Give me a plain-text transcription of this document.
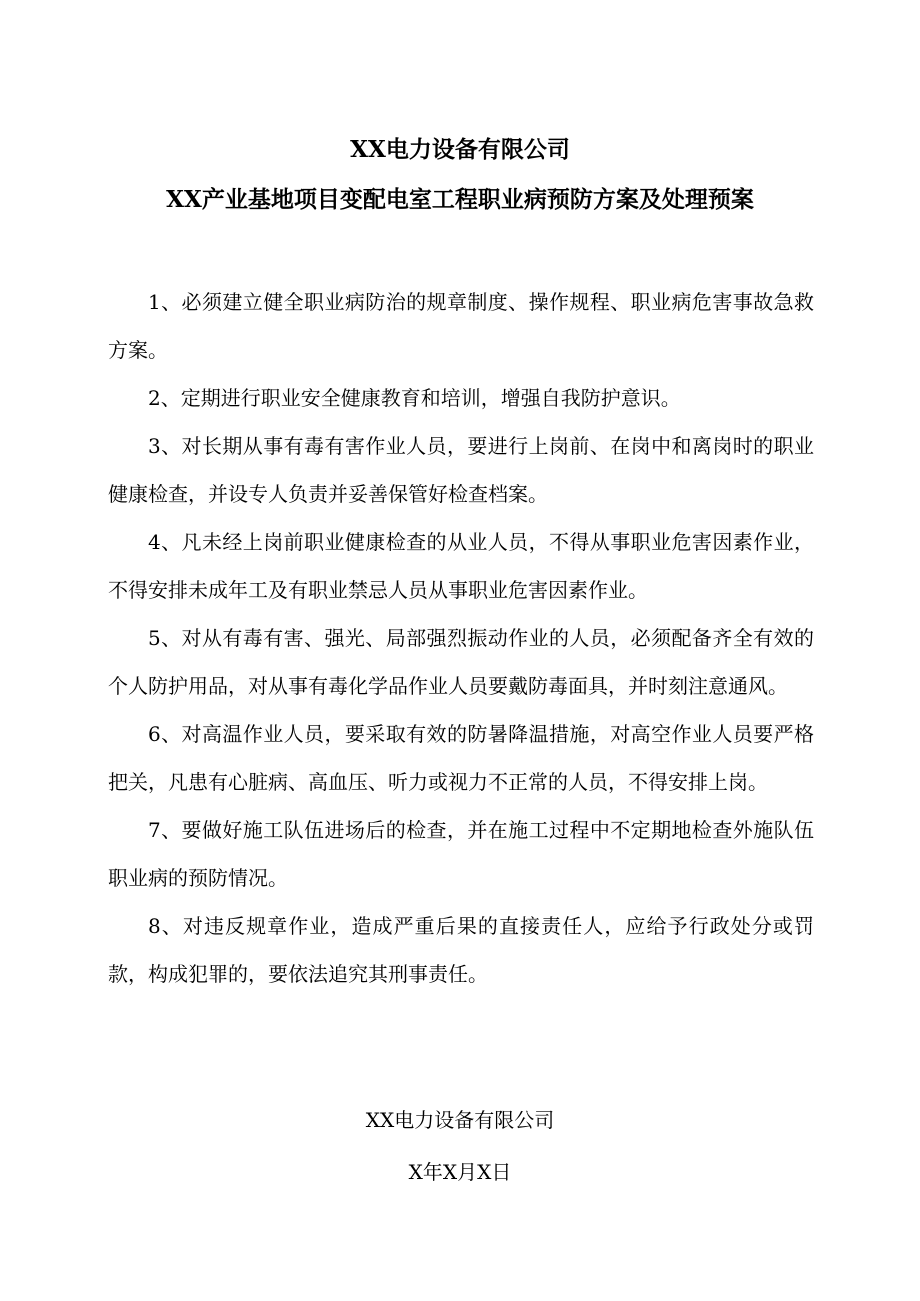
XX电力设备有限公司
XX产业基地项目变配电室工程职业病预防方案及处理预案

1、必须建立健全职业病防治的规章制度、操作规程、职业病危害事故急救方案。

2、定期进行职业安全健康教育和培训，增强自我防护意识。

3、对长期从事有毒有害作业人员，要进行上岗前、在岗中和离岗时的职业健康检查，并设专人负责并妥善保管好检查档案。

4、凡未经上岗前职业健康检查的从业人员，不得从事职业危害因素作业，不得安排未成年工及有职业禁忌人员从事职业危害因素作业。

5、对从有毒有害、强光、局部强烈振动作业的人员，必须配备齐全有效的个人防护用品，对从事有毒化学品作业人员要戴防毒面具，并时刻注意通风。

6、对高温作业人员，要采取有效的防暑降温措施，对高空作业人员要严格把关，凡患有心脏病、高血压、听力或视力不正常的人员，不得安排上岗。

7、要做好施工队伍进场后的检查，并在施工过程中不定期地检查外施队伍职业病的预防情况。

8、对违反规章作业，造成严重后果的直接责任人，应给予行政处分或罚款，构成犯罪的，要依法追究其刑事责任。

XX电力设备有限公司
X年X月X日
